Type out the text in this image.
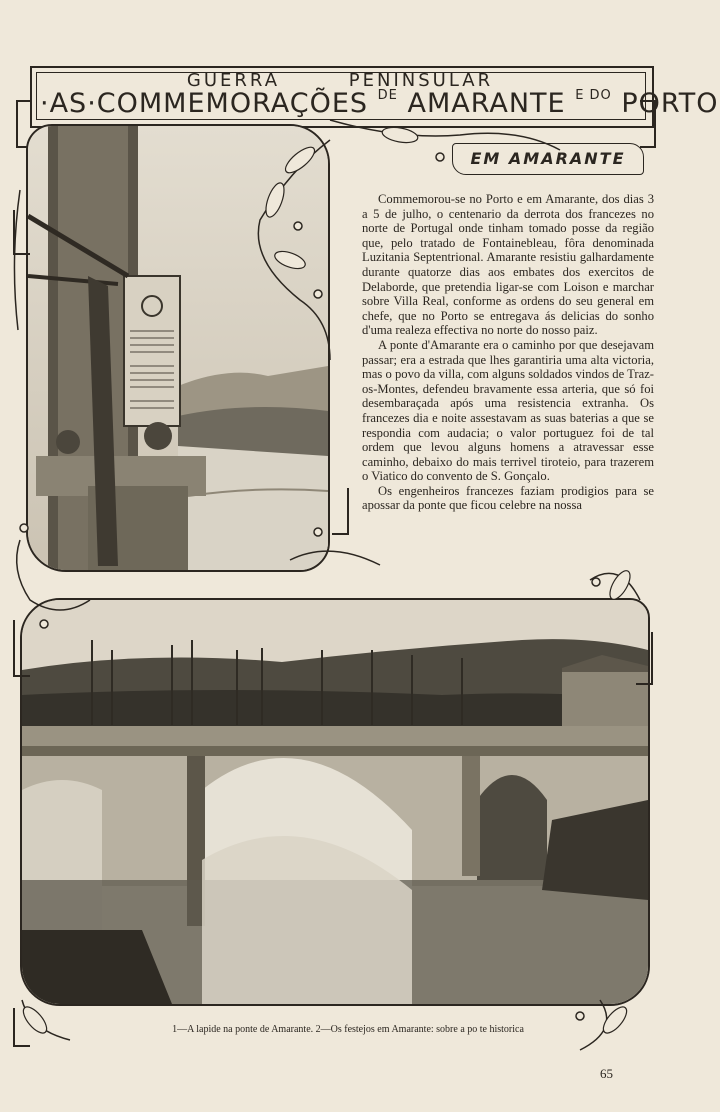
GUERRA	PENINSULAR
·AS·COMMEMORAÇÕES $^{DE}$ AMARANTE $^{E DO}$ PORTO
EM AMARANTE

Commemorou-se no Porto e em Amarante, dos dias 3 a 5 de julho, o centenario da derrota dos francezes no norte de Portugal onde tinham tomado posse da região que, pelo tratado de Fontainebleau, fôra denominada Luzitania Septentrional. Amarante resistiu galhardamente durante quatorze dias aos embates dos exercitos de Delaborde, que pretendia ligar-se com Loison e marchar sobre Villa Real, conforme as ordens do seu general em chefe, que no Porto se entregava ás delicias do sonho d'uma realeza effectiva no norte do nosso paiz.

A ponte d'Amarante era o caminho por que desejavam passar; era a estrada que lhes garantiria uma alta victoria, mas o povo da villa, com alguns soldados vindos de Traz-os-Montes, defendeu bravamente essa arteria, que só foi desembaraçada após uma resistencia extranha. Os francezes dia e noite assestavam as suas baterias a que se respondia com audacia; o valor portuguez foi de tal ordem que levou alguns homens a atravessar esse caminho, debaixo do mais terrivel tiroteio, para trazerem o Viatico do convento de S. Gonçalo.

Os engenheiros francezes faziam prodigios para se apossar da ponte que ficou celebre na nossa

1—A lapide na ponte de Amarante. 2—Os festejos em Amarante: sobre a po te historica
65
